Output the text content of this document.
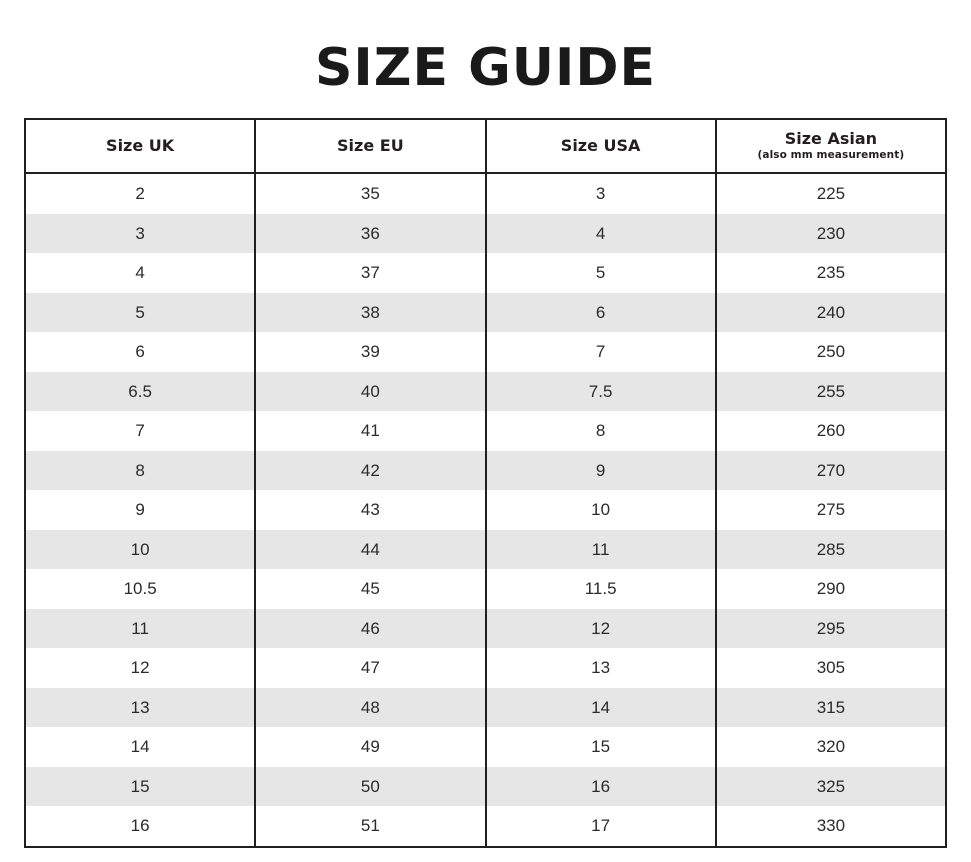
SIZE GUIDE
Size UK	Size EU	Size USA	Size Asian
(also mm measurement)

2	35	3	225
3	36	4	230
4	37	5	235
5	38	6	240
6	39	7	250
6.5	40	7.5	255
7	41	8	260
8	42	9	270
9	43	10	275
10	44	11	285
10.5	45	11.5	290
11	46	12	295
12	47	13	305
13	48	14	315
14	49	15	320
15	50	16	325
16	51	17	330
